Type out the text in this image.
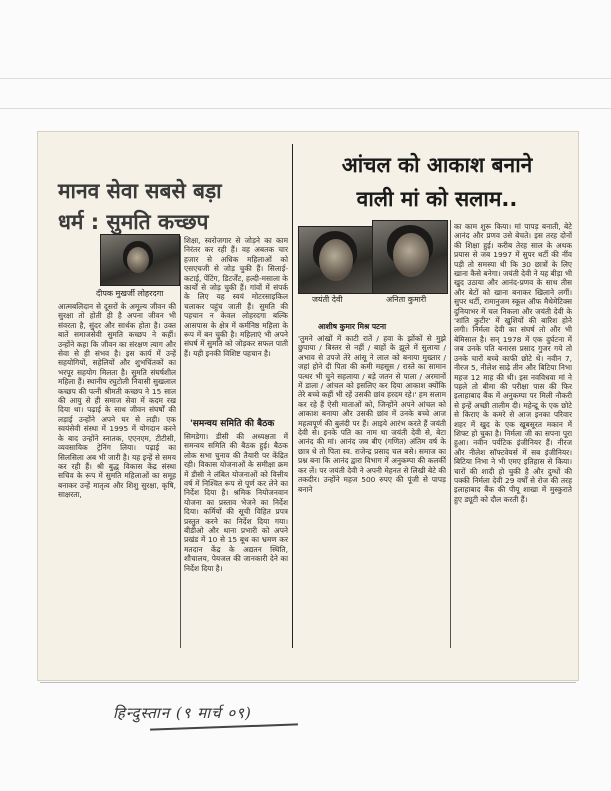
मानव सेवा सबसे बड़ा
धर्म : सुमति कच्छप
दीपक मुखर्जी लोहरदगा

आत्मबलिदान से दूसरों के अमूल्य जीवन की सुरक्षा तो होती ही है अपना जीवन भी संवरता है, सुंदर और सार्थक होता है। उक्त बातें समाजसेवी सुमति कच्छप ने कहीं। उन्होंने कहा कि जीवन का संरक्षण त्याग और सेवा से ही संभव है। इस कार्य में उन्हें सहयोगियों, सहेलियों और शुभचिंतकों का भरपूर सहयोग मिलता है। सुमति संघर्षशील महिला हैं। स्थानीय रघुटोली निवासी सुखलाल कच्छप की पत्नी श्रीमती कच्छप ने 15 साल की आयु से ही समाज सेवा में कदम रख दिया था। पढ़ाई के साथ जीवन संघर्षों की लड़ाई उन्होंने अपने घर से लड़ी। एक स्वयंसेवी संस्था में 1995 में योगदान करने के बाद उन्होंने स्नातक, एएनएम, टीटीसी, व्यवसायिक ट्रेनिंग लिया। पढ़ाई का सिलसिला अब भी जारी है। यह इन्हें से समय कर रही हैं। श्री बुद्ध विकास केंद्र संस्था सचिव के रूप में सुमति महिलाओं का समूह बनाकर उन्हें मातृत्व और शिशु सुरक्षा, कृषि, साक्षरता,

शिक्षा, स्वरोजगार से जोड़ने का काम निरंतर कर रही हैं। वह अबतक चार हजार से अधिक महिलाओं को एसएचजी से जोड़ चुकी हैं। सिलाई-कटाई, पेंटिंग, डिटर्जेंट, हल्दी-मसाला के कार्यों से जोड़ चुकी हैं। गांवों में संपर्क के लिए यह स्वयं मोटरसाइकिल चलाकर पहुंच जाती हैं। सुमति की पहचान न केवल लोहरदगा बल्कि आसपास के क्षेत्र में कर्मनिष्ठ महिला के रूप में बन चुकी है। महिलाएं भी अपने संघर्ष में सुमति को जोड़कर सफल पाती हैं। यही इनकी विशिष्ट पहचान है।

'समन्वय समिति की बैठक

सिमडेगा। डीसी की अध्यक्षता में समन्वय समिति की बैठक हुई। बैठक लोक सभा चुनाव की तैयारी पर केंद्रित रही। विकास योजनाओं के समीक्षा क्रम में डीसी ने लंबित योजनाओं को वित्तीय वर्ष में निश्चित रूप से पूर्ण कर लेने का निर्देश दिया है। श्रमिक नियोजनवान योजना का प्रस्ताव भेजने का निर्देश दिया। कर्मियों की सूची विहित प्रपत्र प्रस्तुत करने का निर्देश दिया गया। बीडीओ और थाना प्रभारी को अपने प्रखंड में 10 से 15 बूथ का भ्रमण कर मतदान केंद्र के अद्यतन स्थिति, शौचालय, पेयजल की जानकारी देने का निर्देश दिया है।

आंचल को आकाश बनाने
वाली मां को सलाम..
जयंती देवी	अनिता कुमारी
आशीष कुमार मिश्र पटना

'तुमने आंखों में काटी रातें / हवा के झोंकों से मुझे छुपाया / बिस्तर से नहीं / बाहों के झूले में सुलाया / अभाव से उपजे तेरे आंसू ने लाल को बनाया मुख्तार / जहां होने दी पिता की कमी महसूस / रास्ते का सामान पत्थर भी चुने सहलाया / बड़े जतन से पाला / अरमानों में डाला / आंचल को इसलिए कर दिया आकाश क्योंकि तेरे बच्चे कहीं भी रहें उसकी छांव हरदम रहे।' हम सलाम कर रहे हैं ऐसी माताओं को, जिन्होंने अपने आंचल को आकाश बनाया और उसकी छांव में उनके बच्चे आज महत्वपूर्ण की बुलंदी पर हैं। आइये आरंभ करते हैं जयंती देवी से। इनके पति का नाम था जयंती देवी से, बेटा आनंद की मां। आनंद जब बीए (गणित) अंतिम वर्ष के छात्र थे तो पिता स्व. राजेन्द्र प्रसाद चल बसे। समाज का प्रश्न बना कि आनंद द्वारा विभाग में अनुकम्पा की कलर्की कर लें। पर जयंती देवी ने अपनी मेहनत से लिखी बेटे की तकदीर। उन्होंने महज 500 रुपए की पूंजी से पापड़ बनाने

का काम शुरू किया। मां पापड़ बनाती, बेटे आनंद और प्रणव उसे बेचते। इस तरह दोनों की शिक्षा हुई। करीब तेरह साल के अथक प्रयास से जब 1997 में सुपर थर्टी की नींव पड़ी तो समस्या थी कि 30 छात्रों के लिए खाना कैसे बनेगा। जयंती देवी ने यह बीड़ा भी खुद उठाया और आनंद-प्रणव के साथ तीस और बेटों को खाना बनाकर खिलाने लगीं। सुपर थर्टी, रामानुजम स्कूल ऑफ मैथेमेटिक्स दुनियाभर में चल निकला और जयंती देवी के 'शांति कुटीर' में खुशियों की बारिश होने लगी। निर्मला देवी का संघर्ष तो और भी बेमिसाल है। सन् 1978 में एक दुर्घटना में जब उनके पति बनारस प्रसाद गुजर गये तो उनके चारों बच्चे काफी छोटे थे। नवीन 7, नीरज 5, नीलेश साढ़े तीन और बिटिया निभा महज 12 माह की थी। इस नवविधवा मां ने पहले तो बीमा की परीक्षा पास की फिर इलाहाबाद बैंक में अनुकम्पा पर मिली नौकरी से इन्हें अच्छी तालीम दी। महेन्द्रू के एक छोटे से किराए के कमरे से आज इनका परिवार शहर में खुद के एक खूबसूरत मकान में शिफ्ट हो चुका है। निर्मला जी का सपना पूरा हुआ। नवीन पर्यटिक इंजीनियर हैं। नीरज और नीलेश सॉफ्टवेयर्स में सब इंजीनियर। बिटिया निभा ने भी एमए इतिहास से किया। चारों की शादी हो चुकी है और दुग्धों की पक्की निर्मला देवी 29 वर्षों से रोज की तरह इलाहाबाद बैंक की पीयू शाखा में मुस्कुराते हुए ड्यूटी को दौल करती हैं।

हिन्दुस्तान (९ मार्च ०९)
